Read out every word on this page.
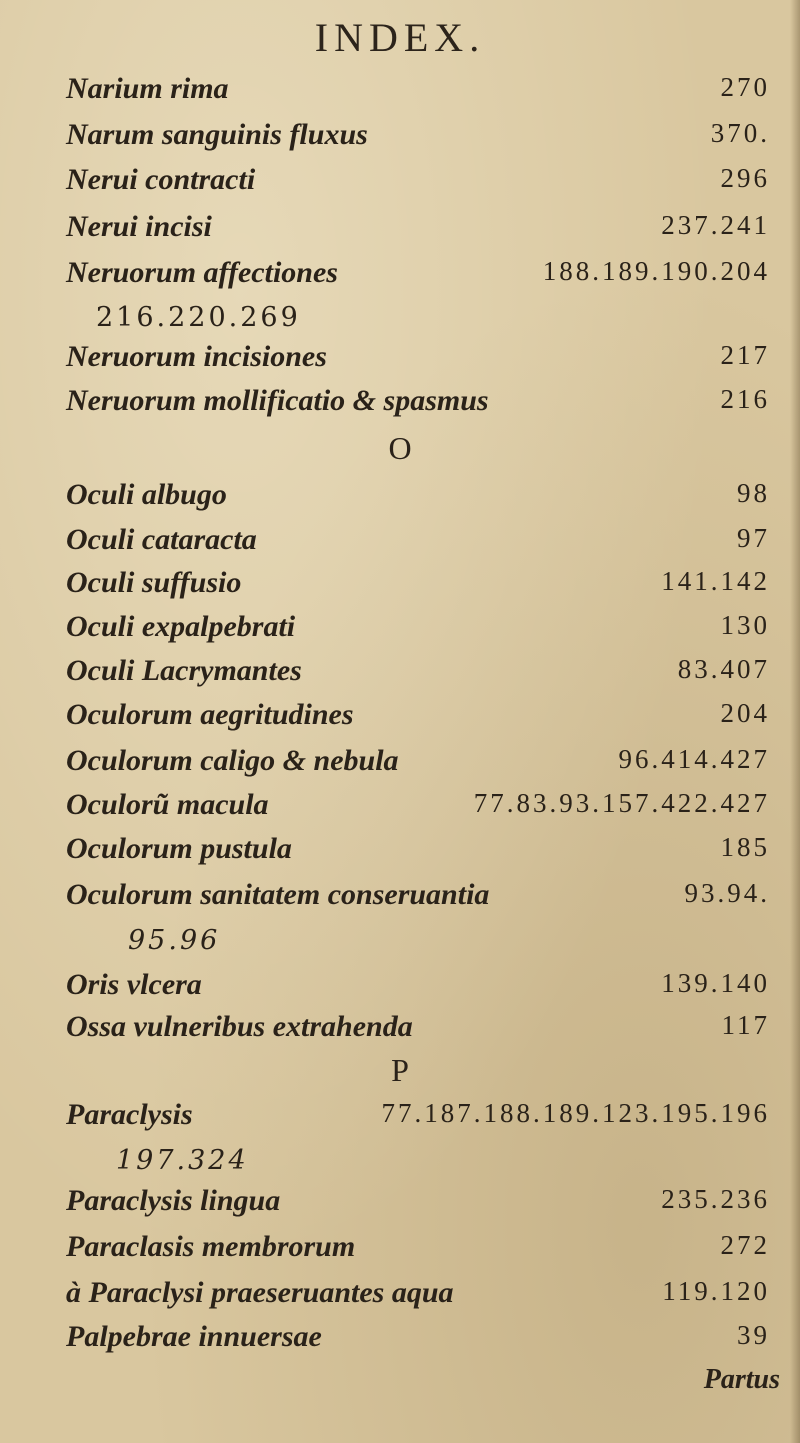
INDEX.
Narium rima	270
Narum sanguinis fluxus	370.
Nerui contracti	296
Nerui incisi	237.241
Neruorum affectiones	188.189.190.204
216.220.269
Neruorum incisiones	217
Neruorum mollificatio & spasmus	216
O
Oculi albugo	98
Oculi cataracta	97
Oculi suffusio	141.142
Oculi expalpebrati	130
Oculi Lacrymantes	83.407
Oculorum aegritudines	204
Oculorum caligo & nebula	96.414.427
Oculorũ macula	77.83.93.157.422.427
Oculorum pustula	185
Oculorum sanitatem conseruantia	93.94.
95.96
Oris vlcera	139.140
Ossa vulneribus extrahenda	117
P
Paraclysis	77.187.188.189.123.195.196
197.324
Paraclysis lingua	235.236
Paraclasis membrorum	272
à Paraclysi praeseruantes aqua	119.120
Palpebrae innuersae	39
Partus
